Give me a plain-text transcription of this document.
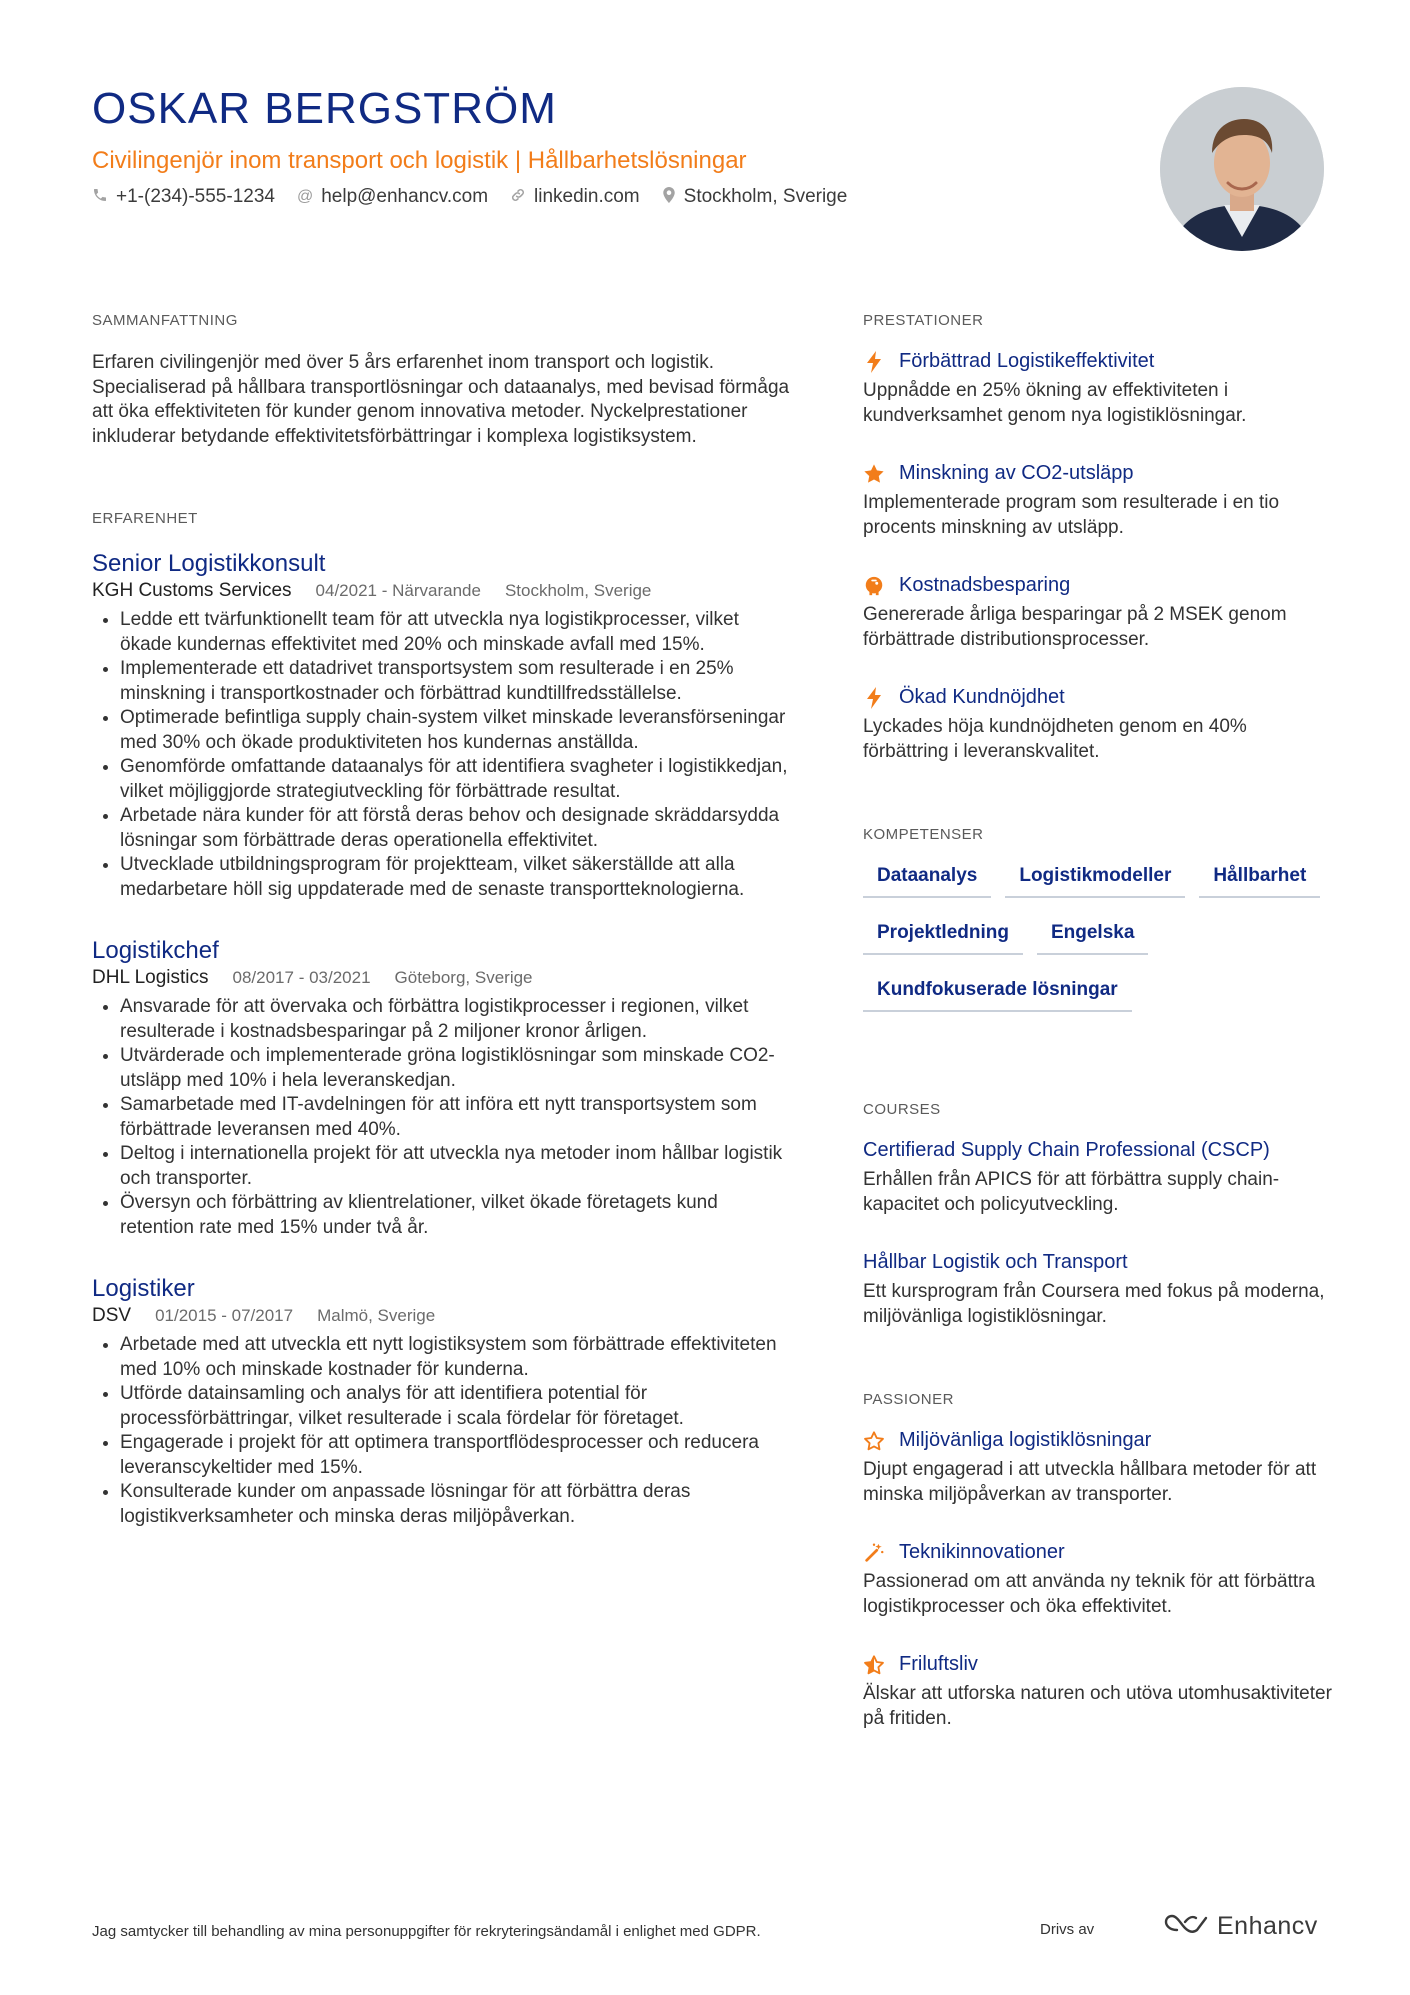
OSKAR BERGSTRÖM
Civilingenjör inom transport och logistik | Hållbarhetslösningar
+1-(234)-555-1234 @ help@enhancv.com linkedin.com Stockholm, Sverige
SAMMANFATTNING
Erfaren civilingenjör med över 5 års erfarenhet inom transport och logistik. Specialiserad på hållbara transportlösningar och dataanalys, med bevisad förmåga att öka effektiviteten för kunder genom innovativa metoder. Nyckelprestationer inkluderar betydande effektivitetsförbättringar i komplexa logistiksystem.
ERFARENHET
Senior Logistikkonsult
KGH Customs Services 04/2021 - Närvarande Stockholm, Sverige
• Ledde ett tvärfunktionellt team för att utveckla nya logistikprocesser, vilket ökade kundernas effektivitet med 20% och minskade avfall med 15%.
• Implementerade ett datadrivet transportsystem som resulterade i en 25% minskning i transportkostnader och förbättrad kundtillfredsställelse.
• Optimerade befintliga supply chain-system vilket minskade leveransförseningar med 30% och ökade produktiviteten hos kundernas anställda.
• Genomförde omfattande dataanalys för att identifiera svagheter i logistikkedjan, vilket möjliggjorde strategiutveckling för förbättrade resultat.
• Arbetade nära kunder för att förstå deras behov och designade skräddarsydda lösningar som förbättrade deras operationella effektivitet.
• Utvecklade utbildningsprogram för projektteam, vilket säkerställde att alla medarbetare höll sig uppdaterade med de senaste transportteknologierna.
Logistikchef
DHL Logistics 08/2017 - 03/2021 Göteborg, Sverige
• Ansvarade för att övervaka och förbättra logistikprocesser i regionen, vilket resulterade i kostnadsbesparingar på 2 miljoner kronor årligen.
• Utvärderade och implementerade gröna logistiklösningar som minskade CO2-utsläpp med 10% i hela leveranskedjan.
• Samarbetade med IT-avdelningen för att införa ett nytt transportsystem som förbättrade leveransen med 40%.
• Deltog i internationella projekt för att utveckla nya metoder inom hållbar logistik och transporter.
• Översyn och förbättring av klientrelationer, vilket ökade företagets kund retention rate med 15% under två år.
Logistiker
DSV 01/2015 - 07/2017 Malmö, Sverige
• Arbetade med att utveckla ett nytt logistiksystem som förbättrade effektiviteten med 10% och minskade kostnader för kunderna.
• Utförde datainsamling och analys för att identifiera potential för processförbättringar, vilket resulterade i scala fördelar för företaget.
• Engagerade i projekt för att optimera transportflödesprocesser och reducera leveranscykeltider med 15%.
• Konsulterade kunder om anpassade lösningar för att förbättra deras logistikverksamheter och minska deras miljöpåverkan.
PRESTATIONER
Förbättrad Logistikeffektivitet
Uppnådde en 25% ökning av effektiviteten i kundverksamhet genom nya logistiklösningar.
Minskning av CO2-utsläpp
Implementerade program som resulterade i en tio procents minskning av utsläpp.
Kostnadsbesparing
Genererade årliga besparingar på 2 MSEK genom förbättrade distributionsprocesser.
Ökad Kundnöjdhet
Lyckades höja kundnöjdheten genom en 40% förbättring i leveranskvalitet.
KOMPETENSER
Dataanalys	Logistikmodeller	Hållbarhet
Projektledning	Engelska
Kundfokuserade lösningar
COURSES
Certifierad Supply Chain Professional (CSCP)
Erhållen från APICS för att förbättra supply chain-kapacitet och policyutveckling.
Hållbar Logistik och Transport
Ett kursprogram från Coursera med fokus på moderna, miljövänliga logistiklösningar.
PASSIONER
Miljövänliga logistiklösningar
Djupt engagerad i att utveckla hållbara metoder för att minska miljöpåverkan av transporter.
Teknikinnovationer
Passionerad om att använda ny teknik för att förbättra logistikprocesser och öka effektivitet.
Friluftsliv
Älskar att utforska naturen och utöva utomhusaktiviteter på fritiden.
Jag samtycker till behandling av mina personuppgifter för rekryteringsändamål i enlighet med GDPR.	Drivs av	Enhancv
